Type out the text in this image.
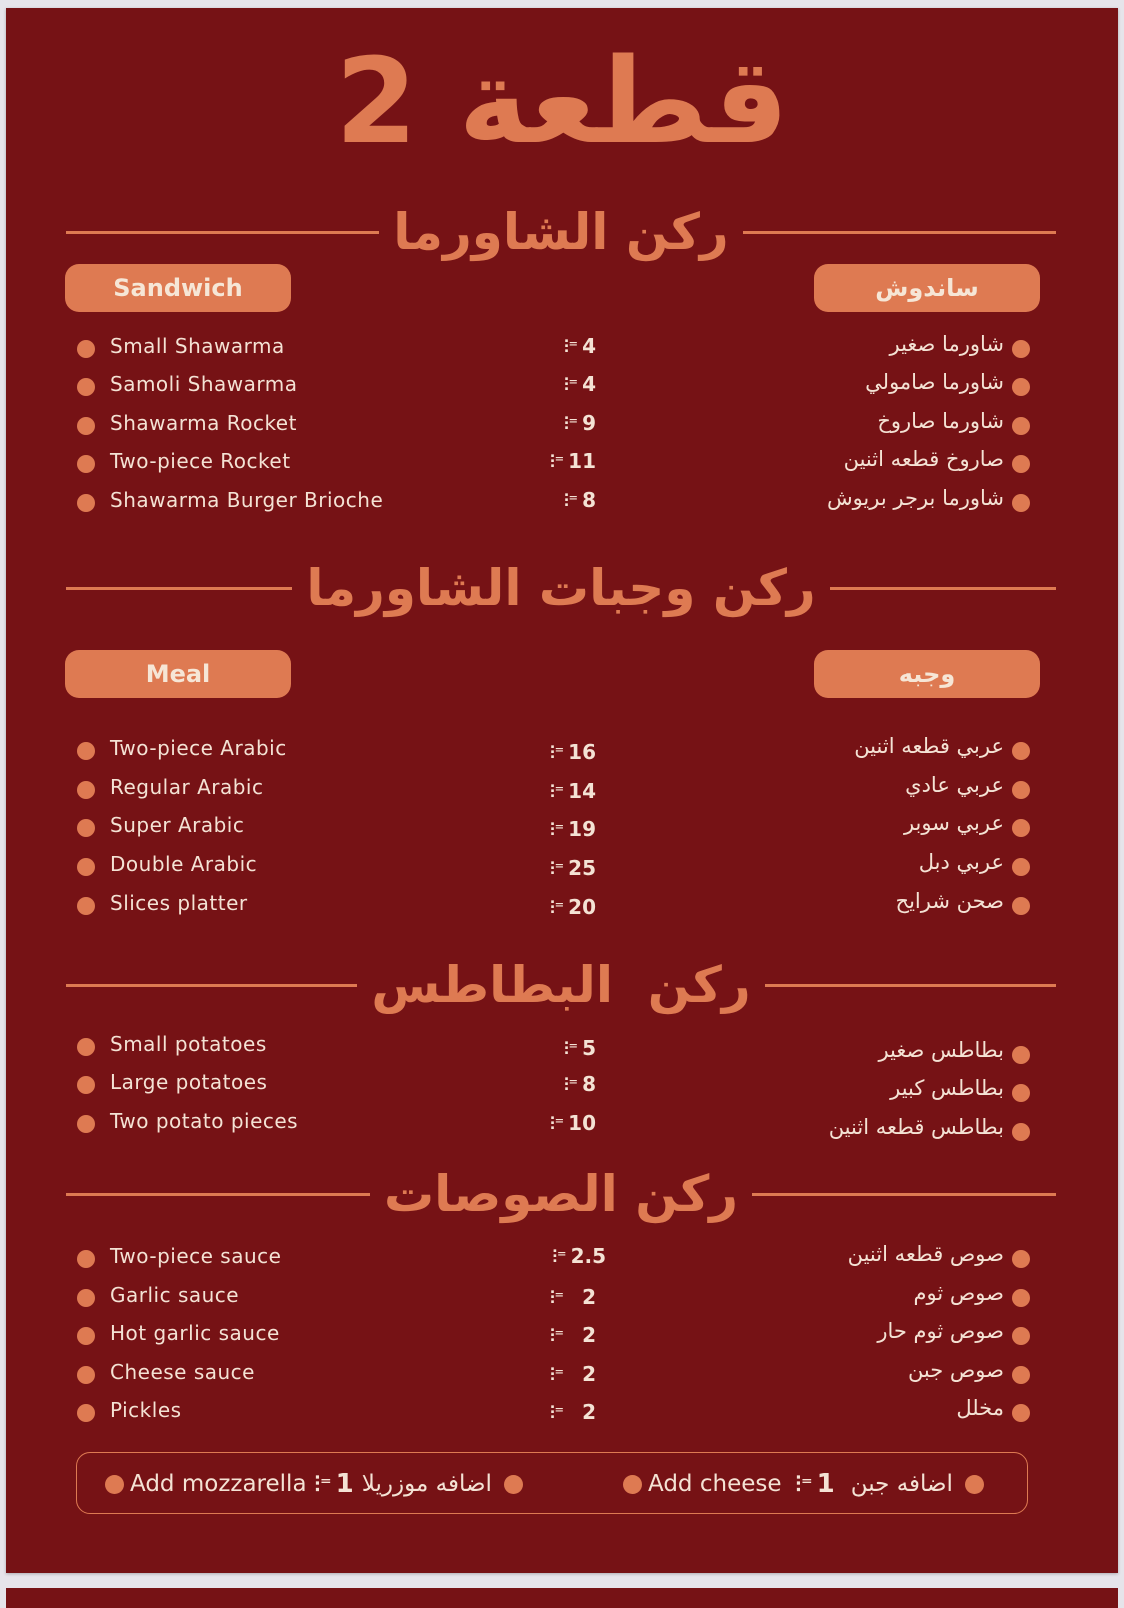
قطعة 2
ركن الشاورما
Sandwich	ساندوش
Small Shawarma	⫶⁼ 4	شاورما صغير
Samoli Shawarma	⫶⁼ 4	شاورما صامولي
Shawarma Rocket	⫶⁼ 9	شاورما صاروخ
Two-piece Rocket	⫶⁼ 11	صاروخ قطعه اثنين
Shawarma Burger Brioche	⫶⁼ 8	شاورما برجر بريوش
ركن وجبات الشاورما
Meal	وجبه
Two-piece Arabic	⫶⁼ 16	عربي قطعه اثنين
Regular Arabic	⫶⁼ 14	عربي عادي
Super Arabic	⫶⁼ 19	عربي سوبر
Double Arabic	⫶⁼ 25	عربي دبل
Slices platter	⫶⁼ 20	صحن شرايح
ركن  البطاطس
Small potatoes	⫶⁼ 5	بطاطس صغير
Large potatoes	⫶⁼ 8	بطاطس كبير
Two potato pieces	⫶⁼ 10	بطاطس قطعه اثنين
ركن الصوصات
Two-piece sauce	⫶⁼ 2.5	صوص قطعه اثنين
Garlic sauce	⫶⁼ 2	صوص ثوم
Hot garlic sauce	⫶⁼ 2	صوص ثوم حار
Cheese sauce	⫶⁼ 2	صوص جبن
Pickles	⫶⁼ 2	مخلل
Add mozzarella ⫶⁼ 1 اضافه موزريلا	Add cheese ⫶⁼ 1 اضافه جبن
